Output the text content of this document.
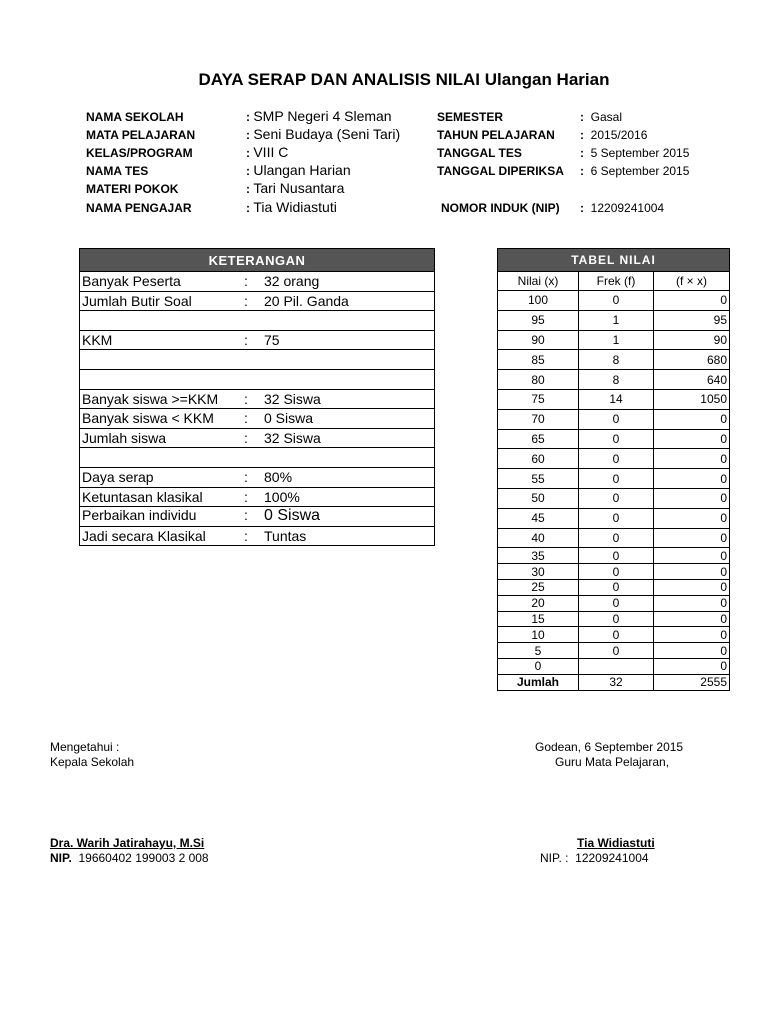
DAYA SERAP DAN ANALISIS NILAI Ulangan Harian
NAMA SEKOLAH	: SMP Negeri 4 Sleman
MATA PELAJARAN	: Seni Budaya (Seni Tari)
KELAS/PROGRAM	: VIII C
NAMA TES	: Ulangan Harian
MATERI POKOK	: Tari Nusantara
NAMA PENGAJAR	: Tia Widiastuti
SEMESTER	: Gasal
TAHUN PELAJARAN : 2015/2016
TANGGAL TES	: 5 September 2015
TANGGAL DIPERIKSA : 6 September 2015
NOMOR INDUK (NIP) : 12209241004
KETERANGAN
Banyak Peserta	: 32 orang
Jumlah Butir Soal	: 20 Pil. Ganda

KKM	: 75

Banyak siswa >=KKM : 32 Siswa
Banyak siswa < KKM : 0 Siswa
Jumlah siswa	: 32 Siswa

Daya serap	: 80%
Ketuntasan klasikal	: 100%
Perbaikan individu	: 0 Siswa
Jadi secara Klasikal	: Tuntas
TABEL NILAI		
Nilai (x)	Frek (f)	(f × x)
100	0	0
95	1	95
90	1	90
85	8	680
80	8	640
75	14	1050
70	0	0
65	0	0
60	0	0
55	0	0
50	0	0
45	0	0
40	0	0
35	0	0
30	0	0
25	0	0
20	0	0
15	0	0
10	0	0
5	0	0
0		0
Jumlah	32	2555
Mengetahui :
Kepala Sekolah
Dra. Warih Jatirahayu, M.Si
NIP. 19660402 199003 2 008
Godean, 6 September 2015
Guru Mata Pelajaran,
Tia Widiastuti
NIP. : 12209241004
